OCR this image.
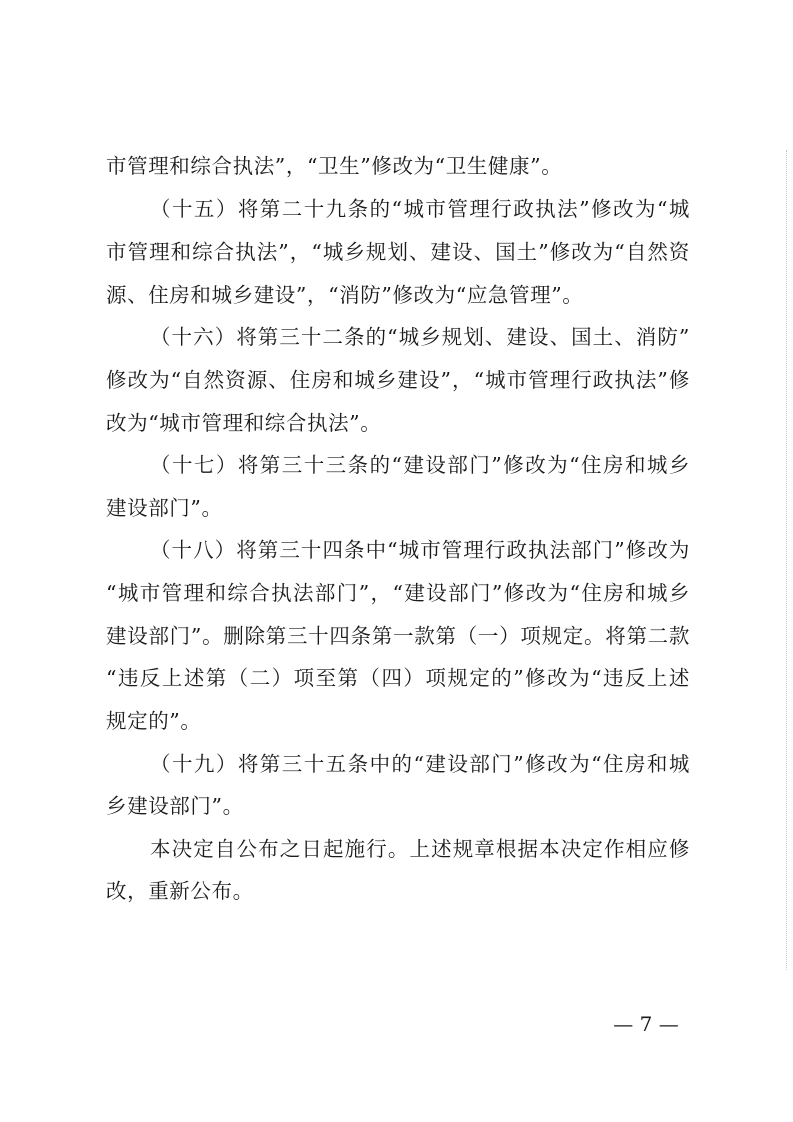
市管理和综合执法”，“卫生”修改为“卫生健康”。
（十五）将第二十九条的“城市管理行政执法”修改为“城
市管理和综合执法”，“城乡规划、建设、国土”修改为“自然资
源、住房和城乡建设”，“消防”修改为“应急管理”。
（十六）将第三十二条的“城乡规划、建设、国土、消防”
修改为“自然资源、住房和城乡建设”，“城市管理行政执法”修
改为“城市管理和综合执法”。
（十七）将第三十三条的“建设部门”修改为“住房和城乡
建设部门”。
（十八）将第三十四条中“城市管理行政执法部门”修改为
“城市管理和综合执法部门”，“建设部门”修改为“住房和城乡
建设部门”。删除第三十四条第一款第（一）项规定。将第二款
“违反上述第（二）项至第（四）项规定的”修改为“违反上述
规定的”。
（十九）将第三十五条中的“建设部门”修改为“住房和城
乡建设部门”。
本决定自公布之日起施行。上述规章根据本决定作相应修
改，重新公布。
— 7 —
